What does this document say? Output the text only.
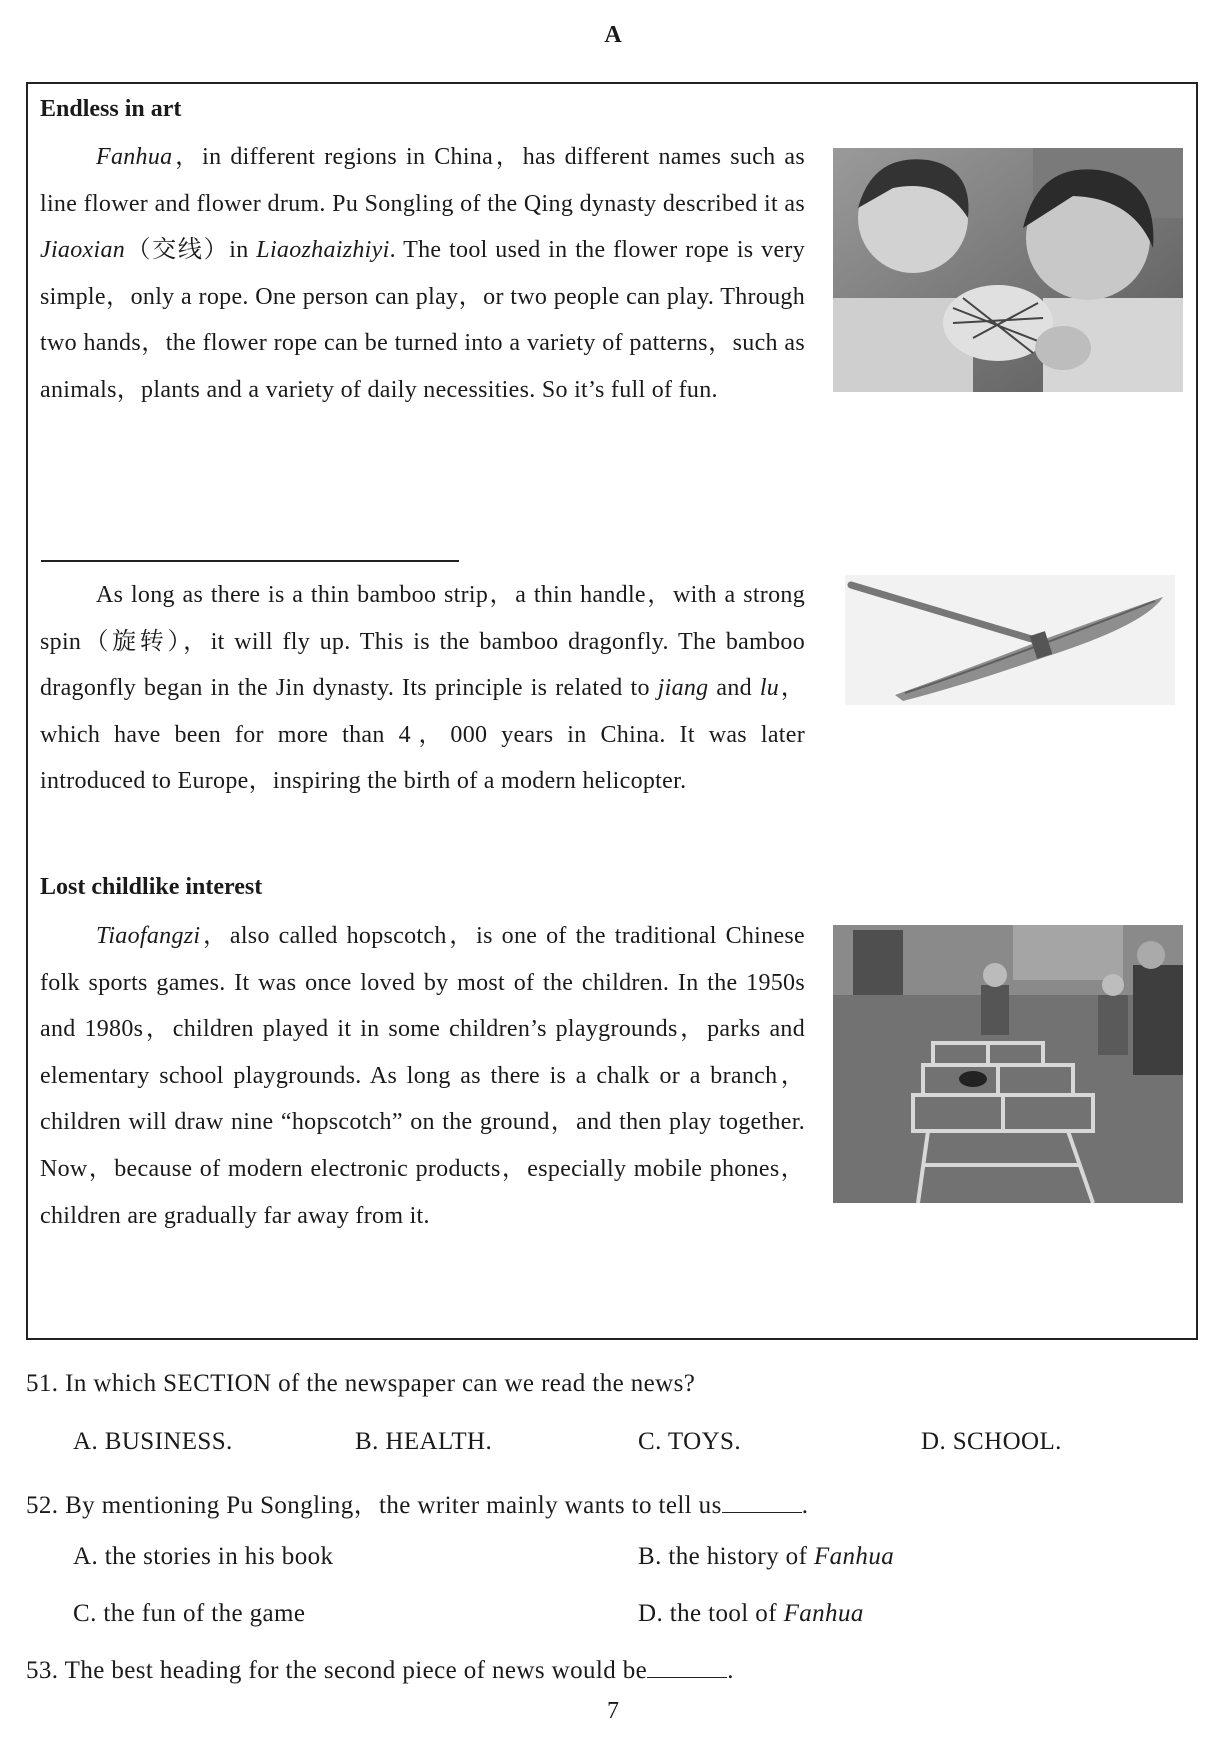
A
Endless in art
Fanhua，in different regions in China，has different names such as line flower and flower drum. Pu Songling of the Qing dynasty described it as Jiaoxian（交线）in Liaozhaizhiyi. The tool used in the flower rope is very simple，only a rope. One person can play，or two people can play. Through two hands，the flower rope can be turned into a variety of patterns，such as animals，plants and a variety of daily necessities. So it’s full of fun.
As long as there is a thin bamboo strip，a thin handle，with a strong spin（旋转），it will fly up. This is the bamboo dragonfly. The bamboo dragonfly began in the Jin dynasty. Its principle is related to jiang and lu，which have been for more than 4，000 years in China. It was later introduced to Europe，inspiring the birth of a modern helicopter.
Lost childlike interest
Tiaofangzi，also called hopscotch，is one of the traditional Chinese folk sports games. It was once loved by most of the children. In the 1950s and 1980s，children played it in some children’s playgrounds，parks and elementary school playgrounds. As long as there is a chalk or a branch，children will draw nine “hopscotch” on the ground，and then play together. Now，because of modern electronic products，especially mobile phones，children are gradually far away from it.
51. In which SECTION of the newspaper can we read the news?
A. BUSINESS.	B. HEALTH.	C. TOYS.	D. SCHOOL.
52. By mentioning Pu Songling，the writer mainly wants to tell us	.
A. the stories in his book	B. the history of Fanhua
C. the fun of the game	D. the tool of Fanhua
53. The best heading for the second piece of news would be	.
7
